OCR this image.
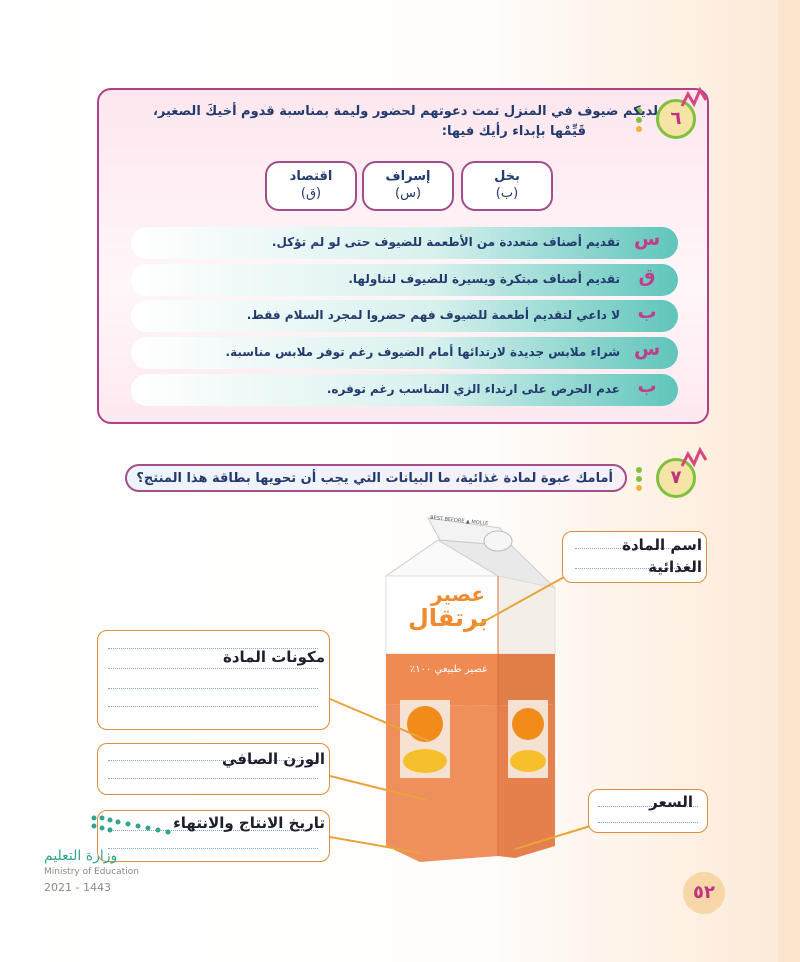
٦
لديكم ضيوف في المنزل تمت دعوتهم لحضور وليمة بمناسبة قدوم أخيكَ الصغير،
قَيِّمْها بإبداء رأيك فيها:
بخل
(ب)
إسراف
(س)
اقتصاد
(ق)
س
تقديم أصناف متعددة من الأطعمة للضيوف حتى لو لم تؤكل.
ق
تقديم أصناف مبتكرة ويسيرة للضيوف لتناولها.
ب
لا داعي لتقديم أطعمة للضيوف فهم حضروا لمجرد السلام فقط.
س
شراء ملابس جديدة لارتدائها أمام الضيوف رغم توفر ملابس مناسبة.
ب
عدم الحرص على ارتداء الزي المناسب رغم توفره.
٧
أمامك عبوة لمادة غذائية، ما البيانات التي يجب أن تحويها بطاقة هذا المنتج؟
BEST BEFORE ▲ MOLLE
عصير
برتقال
عصير طبيعي ١٠٠٪
اسم المادة
الغذائية
مكونات المادة
الوزن الصافي
تاريخ الانتاج والانتهاء
السعر
وزارة التعليم
Ministry of Education
2021 - 1443	٥٢
